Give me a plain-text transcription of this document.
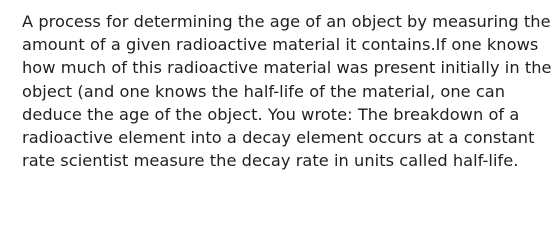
A process for determining the age of an object by measuring the
amount of a given radioactive material it contains.If one knows
how much of this radioactive material was present initially in the
object (and one knows the half-life of the material, one can
deduce the age of the object. You wrote: The breakdown of a
radioactive element into a decay element occurs at a constant
rate scientist measure the decay rate in units called half-life.
